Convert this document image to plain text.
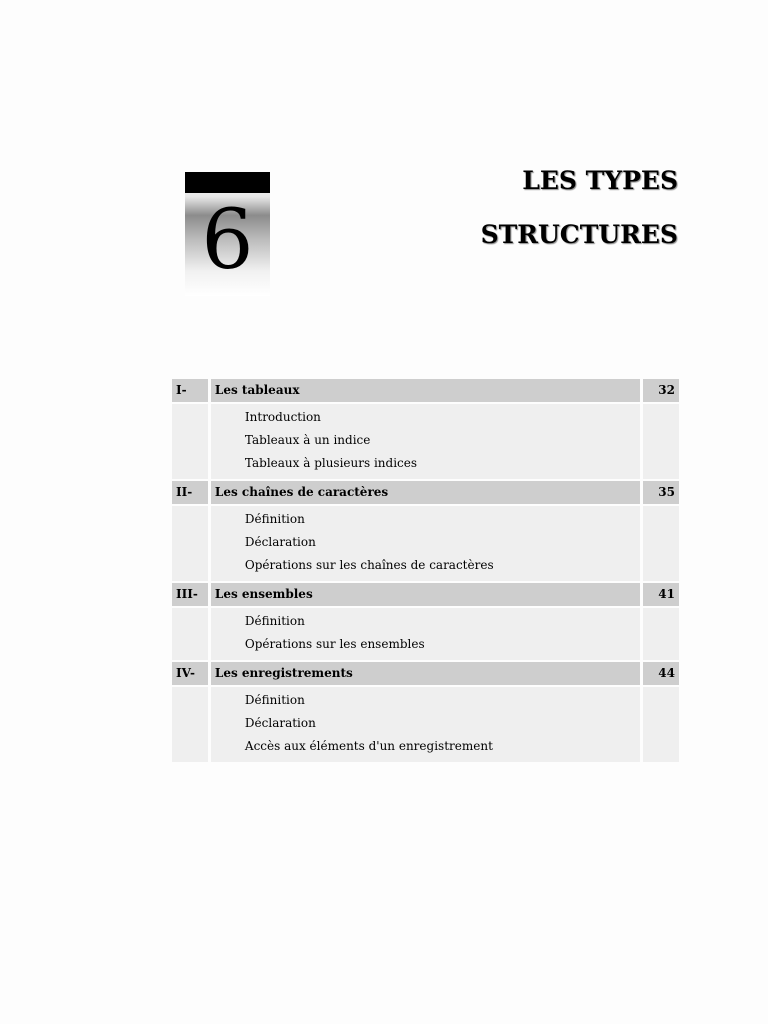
6
LES TYPES
STRUCTURES
I-		Les tableaux		32

		Introduction
Tableaux à un indice
Tableaux à plusieurs indices		

II-		Les chaînes de caractères		35

		Définition
Déclaration
Opérations sur les chaînes de caractères		

III-		Les ensembles		41

		Définition
Opérations sur les ensembles		

IV-		Les enregistrements		44

		Définition
Déclaration
Accès aux éléments d'un enregistrement		
